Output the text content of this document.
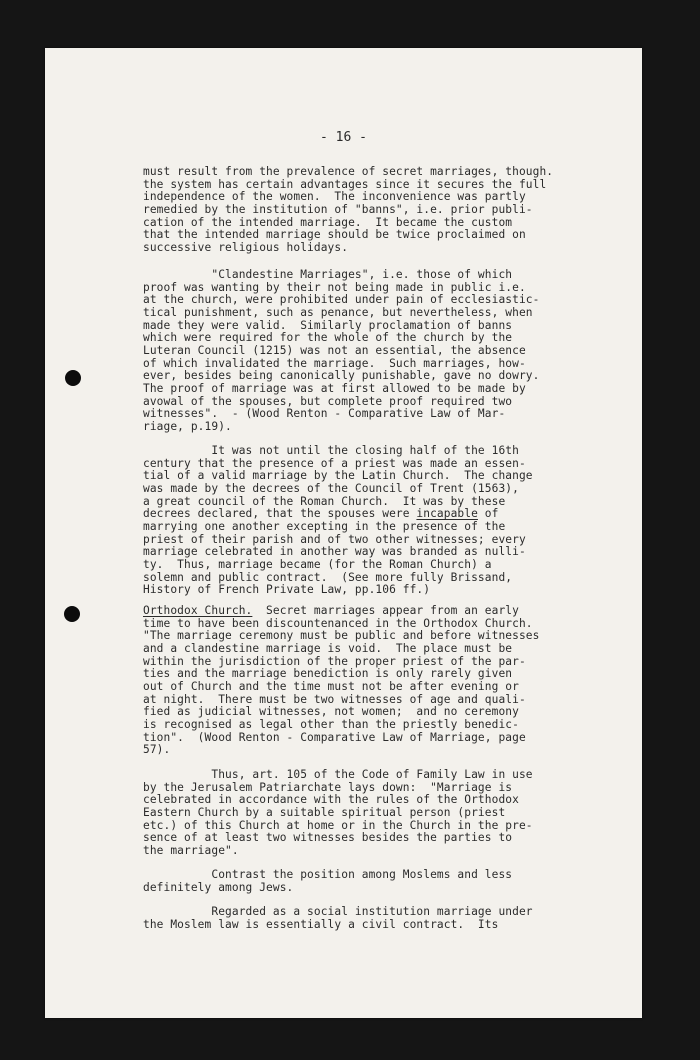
- 16 -
must result from the prevalence of secret marriages, though.
the system has certain advantages since it secures the full
independence of the women.  The inconvenience was partly
remedied by the institution of "banns", i.e. prior publi-
cation of the intended marriage.  It became the custom
that the intended marriage should be twice proclaimed on
successive religious holidays.
"Clandestine Marriages", i.e. those of which
proof was wanting by their not being made in public i.e.
at the church, were prohibited under pain of ecclesiastic-
tical punishment, such as penance, but nevertheless, when
made they were valid.  Similarly proclamation of banns
which were required for the whole of the church by the
Luteran Council (1215) was not an essential, the absence
of which invalidated the marriage.  Such marriages, how-
ever, besides being canonically punishable, gave no dowry.
The proof of marriage was at first allowed to be made by
avowal of the spouses, but complete proof required two
witnesses".  - (Wood Renton - Comparative Law of Mar-
riage, p.19).
It was not until the closing half of the 16th
century that the presence of a priest was made an essen-
tial of a valid marriage by the Latin Church.  The change
was made by the decrees of the Council of Trent (1563),
a great council of the Roman Church.  It was by these
decrees declared, that the spouses were incapable of
marrying one another excepting in the presence of the
priest of their parish and of two other witnesses; every
marriage celebrated in another way was branded as nulli-
ty.  Thus, marriage became (for the Roman Church) a
solemn and public contract.  (See more fully Brissand,
History of French Private Law, pp.106 ff.)
Orthodox Church.  Secret marriages appear from an early
time to have been discountenanced in the Orthodox Church.
"The marriage ceremony must be public and before witnesses
and a clandestine marriage is void.  The place must be
within the jurisdiction of the proper priest of the par-
ties and the marriage benediction is only rarely given
out of Church and the time must not be after evening or
at night.  There must be two witnesses of age and quali-
fied as judicial witnesses, not women;  and no ceremony
is recognised as legal other than the priestly benedic-
tion".  (Wood Renton - Comparative Law of Marriage, page
57).
Thus, art. 105 of the Code of Family Law in use
by the Jerusalem Patriarchate lays down:  "Marriage is
celebrated in accordance with the rules of the Orthodox
Eastern Church by a suitable spiritual person (priest
etc.) of this Church at home or in the Church in the pre-
sence of at least two witnesses besides the parties to
the marriage".
Contrast the position among Moslems and less
definitely among Jews.
Regarded as a social institution marriage under
the Moslem law is essentially a civil contract.  Its
